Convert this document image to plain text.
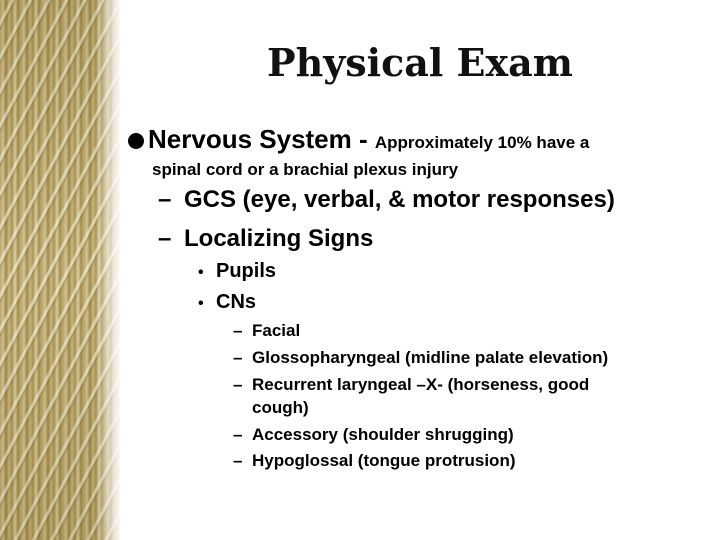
Physical Exam
Nervous System - Approximately 10% have a
spinal cord or a brachial plexus injury
– GCS (eye, verbal, & motor responses)
– Localizing Signs
• Pupils
• CNs
– Facial
– Glossopharyngeal (midline palate elevation)
– Recurrent laryngeal –X- (horseness, good
cough)
– Accessory (shoulder shrugging)
– Hypoglossal (tongue protrusion)
